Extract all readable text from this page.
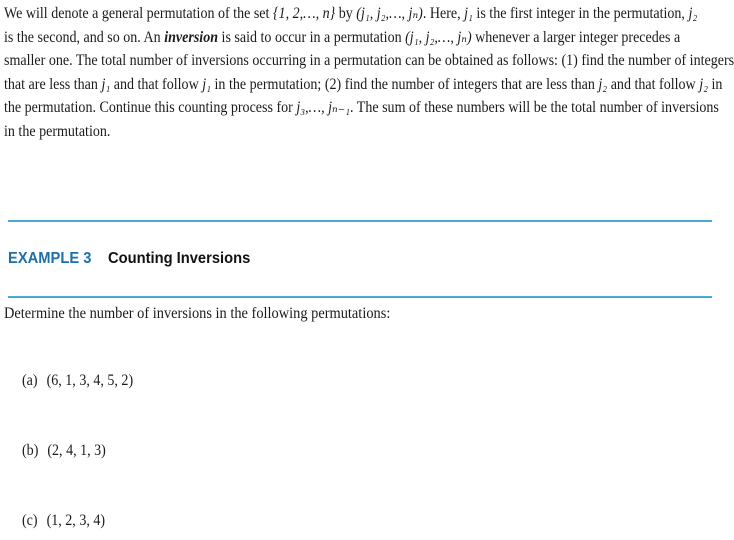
We will denote a general permutation of the set {1, 2,…, n} by (j₁, j₂,…, jₙ). Here, j₁ is the first integer in the permutation, j₂
is the second, and so on. An inversion is said to occur in a permutation (j₁, j₂,…, jₙ) whenever a larger integer precedes a
smaller one. The total number of inversions occurring in a permutation can be obtained as follows: (1) find the number of integers
that are less than j₁ and that follow j₁ in the permutation; (2) find the number of integers that are less than j₂ and that follow j₂ in
the permutation. Continue this counting process for j₃,…, jₙ₋₁. The sum of these numbers will be the total number of inversions
in the permutation.
EXAMPLE 3 Counting Inversions
Determine the number of inversions in the following permutations:
(a) (6, 1, 3, 4, 5, 2)
(b) (2, 4, 1, 3)
(c) (1, 2, 3, 4)
